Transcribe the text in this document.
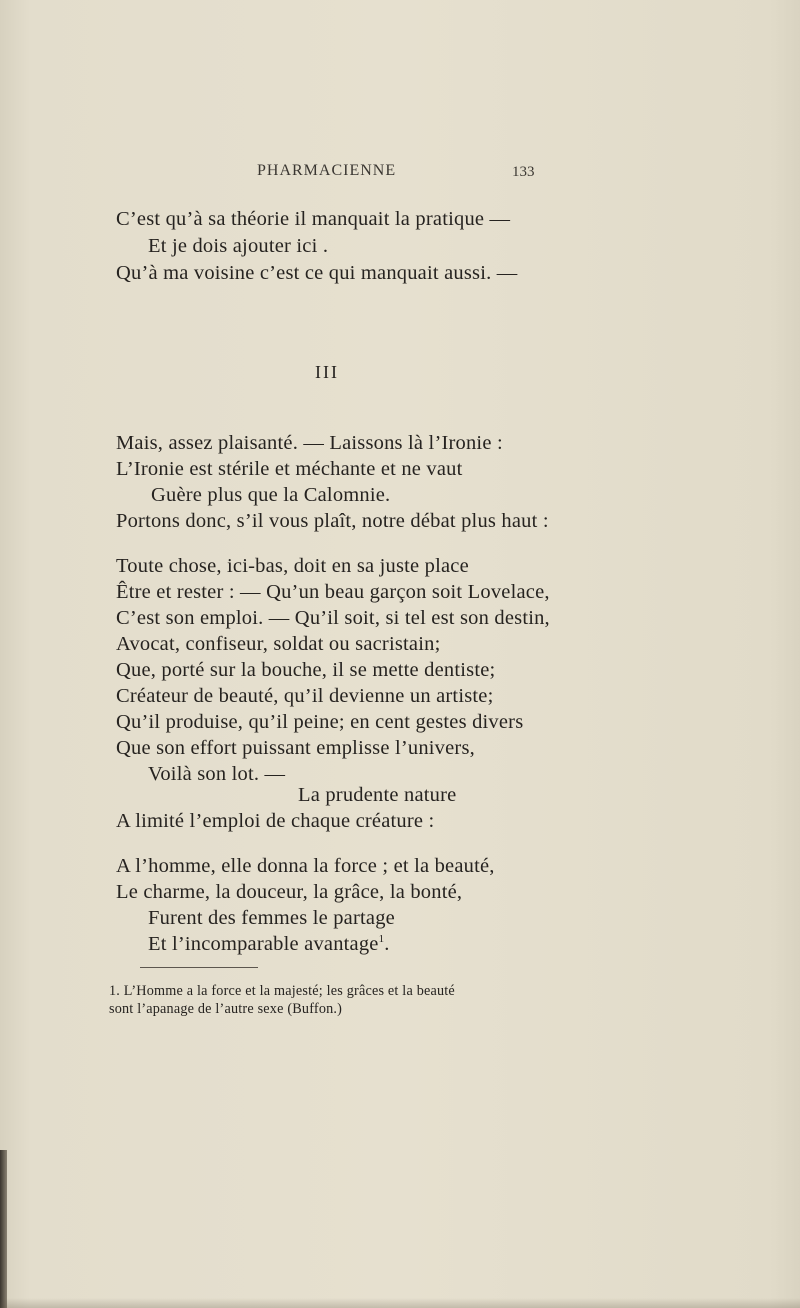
PHARMACIENNE	133
C’est qu’à sa théorie il manquait la pratique —
Et je dois ajouter ici .
Qu’à ma voisine c’est ce qui manquait aussi. —
III
Mais, assez plaisanté. — Laissons là l’Ironie :
L’Ironie est stérile et méchante et ne vaut
Guère plus que la Calomnie.
Portons donc, s’il vous plaît, notre débat plus haut :
Toute chose, ici-bas, doit en sa juste place
Être et rester : — Qu’un beau garçon soit Lovelace,
C’est son emploi. — Qu’il soit, si tel est son destin,
Avocat, confiseur, soldat ou sacristain;
Que, porté sur la bouche, il se mette dentiste;
Créateur de beauté, qu’il devienne un artiste;
Qu’il produise, qu’il peine; en cent gestes divers
Que son effort puissant emplisse l’univers,
Voilà son lot. —
La prudente nature
A limité l’emploi de chaque créature :
A l’homme, elle donna la force ; et la beauté,
Le charme, la douceur, la grâce, la bonté,
Furent des femmes le partage
Et l’incomparable avantage$^1$.
1. L’Homme a la force et la majesté; les grâces et la beauté
sont l’apanage de l’autre sexe (Buffon.)
